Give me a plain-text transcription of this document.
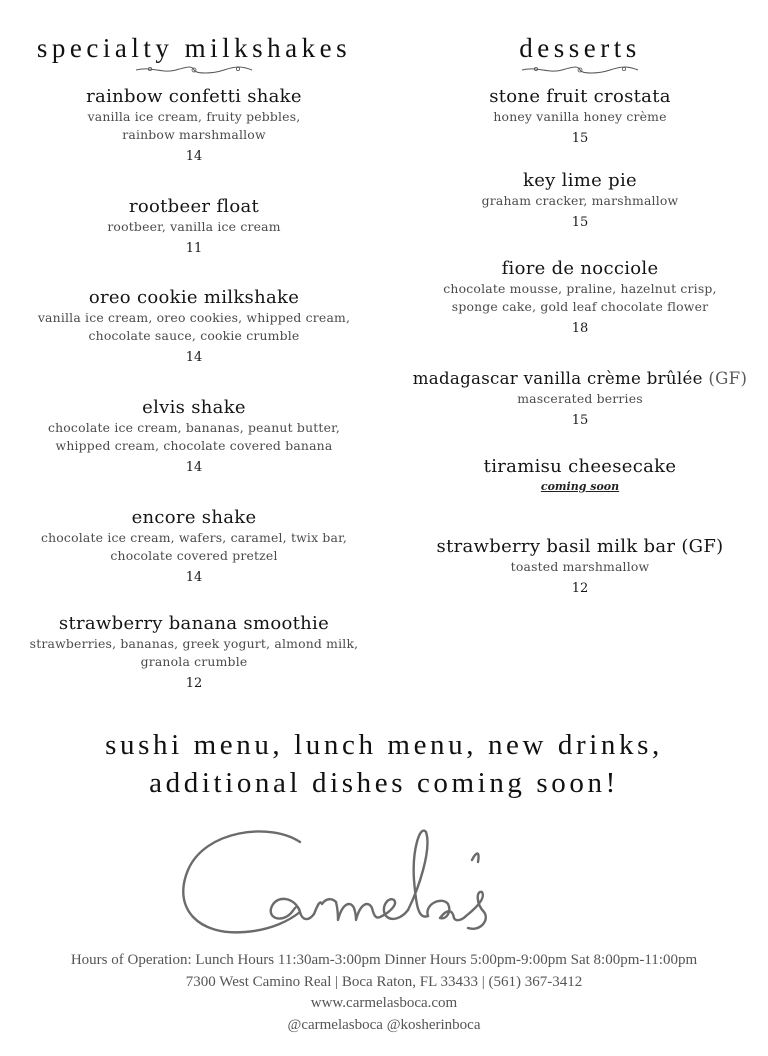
specialty milkshakes
rainbow confetti shake
vanilla ice cream, fruity pebbles,
rainbow marshmallow
14
rootbeer float
rootbeer, vanilla ice cream
11
oreo cookie milkshake
vanilla ice cream, oreo cookies, whipped cream,
chocolate sauce, cookie crumble
14
elvis shake
chocolate ice cream, bananas, peanut butter,
whipped cream, chocolate covered banana
14
encore shake
chocolate ice cream, wafers, caramel, twix bar,
chocolate covered pretzel
14
strawberry banana smoothie
strawberries, bananas, greek yogurt, almond milk,
granola crumble
12
desserts
stone fruit crostata
honey vanilla honey crème
15
key lime pie
graham cracker, marshmallow
15
fiore de nocciole
chocolate mousse, praline, hazelnut crisp,
sponge cake, gold leaf chocolate flower
18
madagascar vanilla crème brûlée (GF)
mascerated berries
15
tiramisu cheesecake
coming soon
strawberry basil milk bar (GF)
toasted marshmallow
12
sushi menu, lunch menu, new drinks,
additional dishes coming soon!
Hours of Operation: Lunch Hours 11:30am-3:00pm Dinner Hours 5:00pm-9:00pm Sat 8:00pm-11:00pm
7300 West Camino Real | Boca Raton, FL 33433 | (561) 367-3412
www.carmelasboca.com
@carmelasboca @kosherinboca
